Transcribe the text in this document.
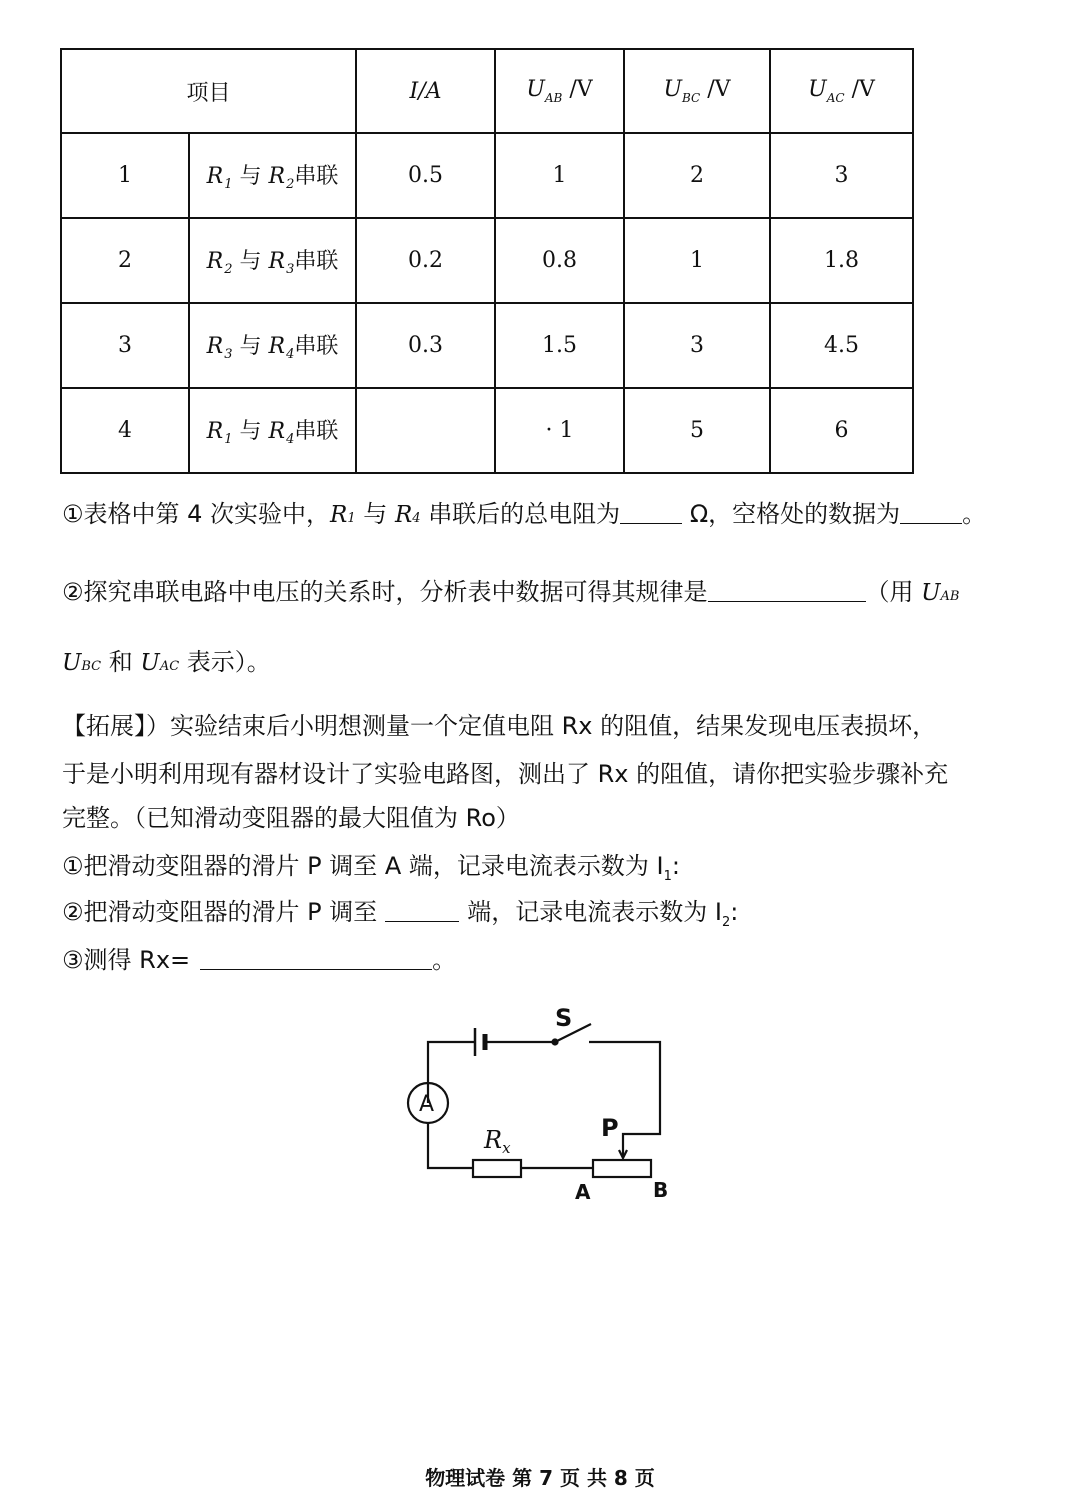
项目		I/A	$U_{AB}$ /V	$U_{BC}$ /V	$U_{AC}$ /V
1	$R_1$ 与 $R_2$串联	0.5	1	2	3
2	$R_2$ 与 $R_3$串联	0.2	0.8	1	1.8
3	$R_3$ 与 $R_4$串联	0.3	1.5	3	4.5
4	$R_1$ 与 $R_4$串联		· 1	5	6
①表格中第 4 次实验中，R1 与 R4 串联后的总电阻为	Ω，空格处的数据为	。
②探究串联电路中电压的关系时，分析表中数据可得其规律是	（用 UAB
UBC 和 UAC 表示）。
【拓展】）实验结束后小明想测量一个定值电阻 Rx 的阻值，结果发现电压表损坏，
于是小明利用现有器材设计了实验电路图，测出了 Rx 的阻值，请你把实验步骤补充
完整。（已知滑动变阻器的最大阻值为 Ro）
①把滑动变阻器的滑片 P 调至 A 端，记录电流表示数为 $I_1$:
②把滑动变阻器的滑片 P 调至	端，记录电流表示数为 $I_2$:
③测得 Rx=	。
S
A
$R_x$
P
A	B
物理试卷 第 7 页 共 8 页
